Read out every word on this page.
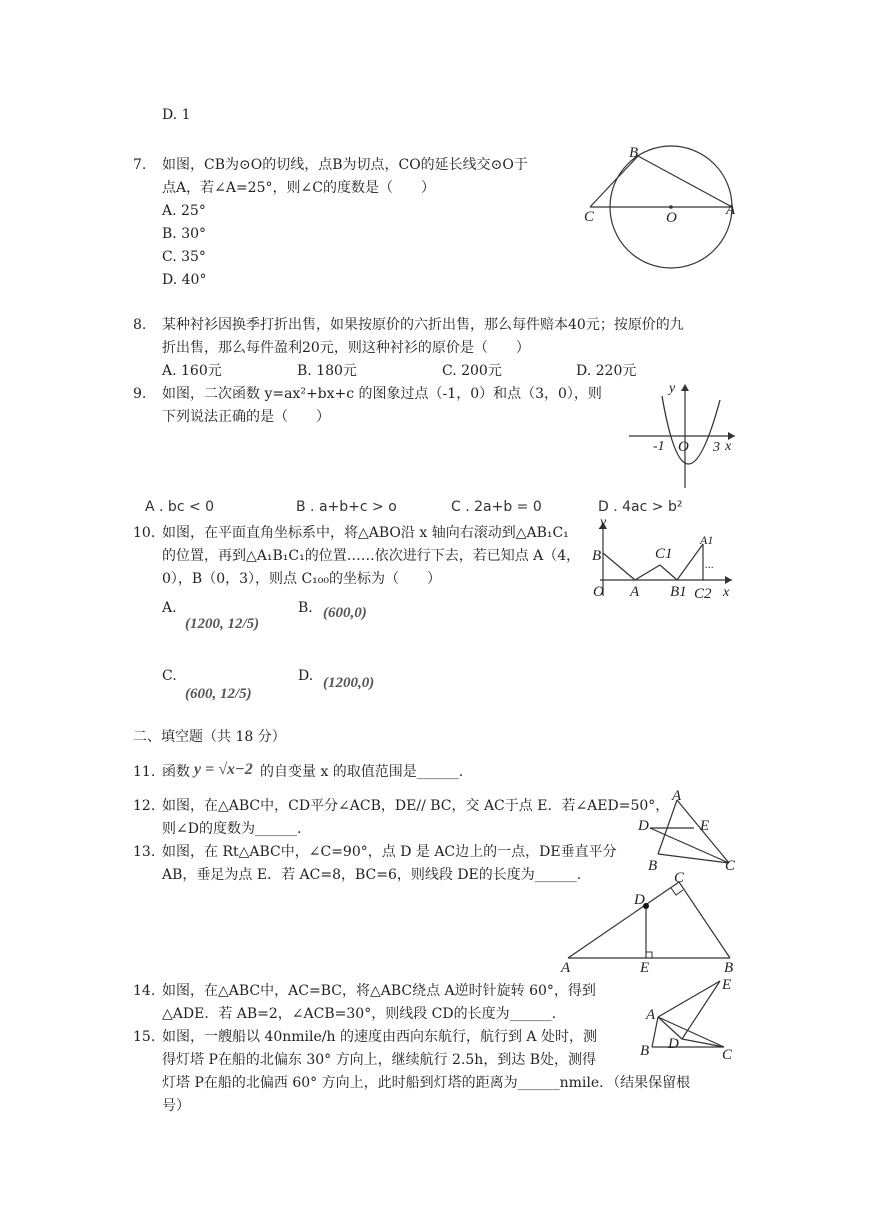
D. 1
7. 如图，CB为⊙O的切线，点B为切点，CO的延长线交⊙O于
点A，若∠A=25°，则∠C的度数是（　　）
A. 25°
B. 30°
C. 35°
D. 40°
B
C	O	A
8. 某种衬衫因换季打折出售，如果按原价的六折出售，那么每件赔本40元；按原价的九
折出售，那么每件盈利20元，则这种衬衫的原价是（　　）
A. 160元	B. 180元	C. 200元	D. 220元
9. 如图，二次函数 y=ax²+bx+c 的图象过点（-1，0）和点（3，0），则
下列说法正确的是（　　）
y
x
-1 O 3
A . bc < 0	B . a+b+c > o	C . 2a+b = 0	D . 4ac > b²
10. 如图，在平面直角坐标系中，将△ABO沿 x 轴向右滚动到△AB₁C₁
的位置，再到△A₁B₁C₁的位置……依次进行下去，若已知点 A（4，
0），B（0，3），则点 C₁₀₀的坐标为（　　）
y
x
B
O A
C1
B1 C2
A1
...
A.
(1200, 12/5)
B. (600,0)
C.
(600, 12/5)
D. (1200,0)
二、填空题（共 18 分）
11. 函数 y = √x−2 的自变量 x 的取值范围是______.
12. 如图，在△ABC中，CD平分∠ACB，DE// BC，交 AC于点 E．若∠AED=50°，
则∠D的度数为______.
A
D	E
B	C
13. 如图，在 Rt△ABC中，∠C=90°，点 D 是 AC边上的一点，DE垂直平分
AB，垂足为点 E．若 AC=8，BC=6，则线段 DE的长度为______.	C
D
A	E	B
14. 如图，在△ABC中，AC=BC，将△ABC绕点 A逆时针旋转 60°，得到
△ADE．若 AB=2，∠ACB=30°，则线段 CD的长度为______.
E
A
D
B	C
15. 如图，一艘船以 40nmile/h 的速度由西向东航行，航行到 A 处时，测
得灯塔 P在船的北偏东 30° 方向上，继续航行 2.5h，到达 B处，测得
灯塔 P在船的北偏西 60° 方向上，此时船到灯塔的距离为______nmile．（结果保留根
号）
